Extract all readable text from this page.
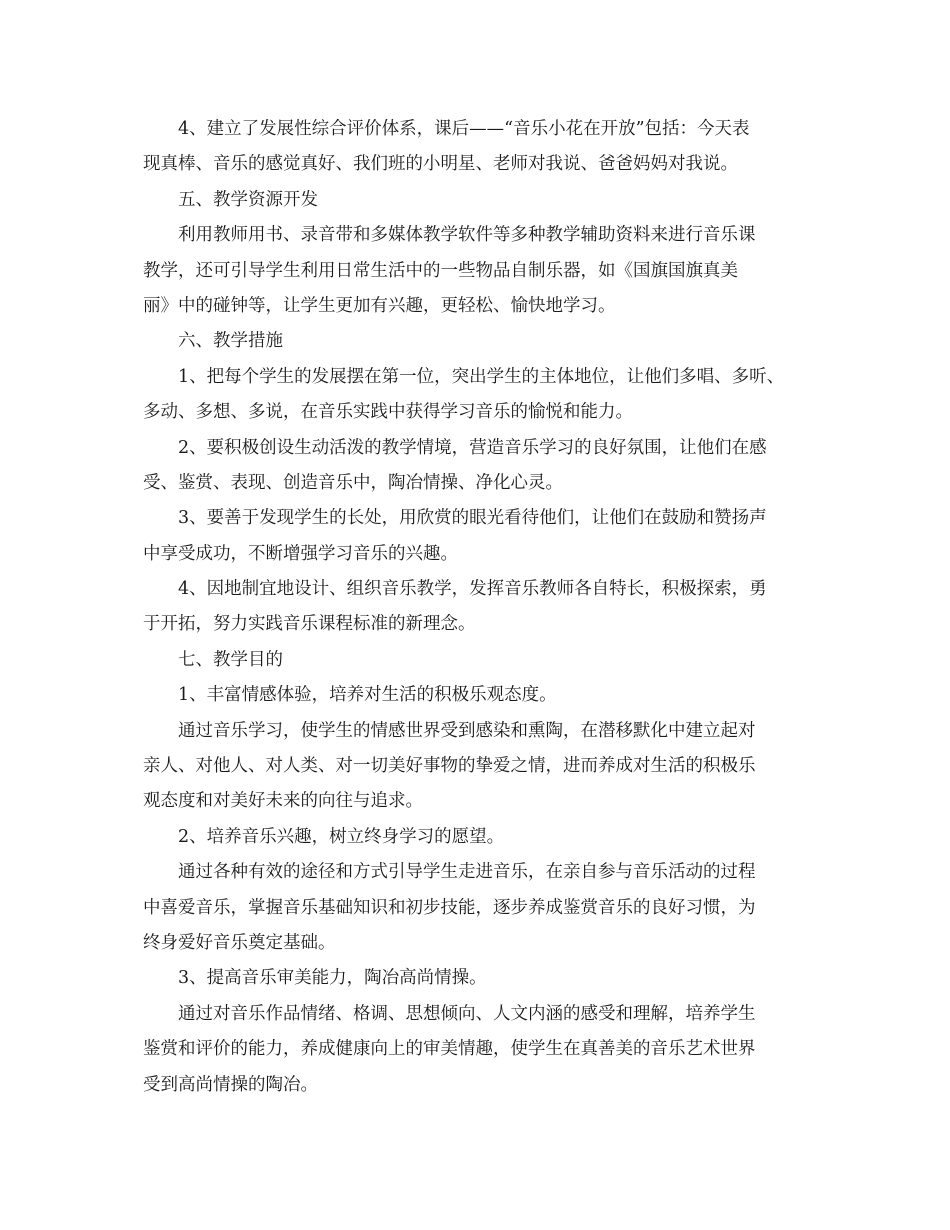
4、建立了发展性综合评价体系，课后——“音乐小花在开放”包括：今天表
现真棒、音乐的感觉真好、我们班的小明星、老师对我说、爸爸妈妈对我说。
五、教学资源开发
利用教师用书、录音带和多媒体教学软件等多种教学辅助资料来进行音乐课
教学，还可引导学生利用日常生活中的一些物品自制乐器，如《国旗国旗真美
丽》中的碰钟等，让学生更加有兴趣，更轻松、愉快地学习。
六、教学措施
1、把每个学生的发展摆在第一位，突出学生的主体地位，让他们多唱、多听、
多动、多想、多说，在音乐实践中获得学习音乐的愉悦和能力。
2、要积极创设生动活泼的教学情境，营造音乐学习的良好氛围，让他们在感
受、鉴赏、表现、创造音乐中，陶冶情操、净化心灵。
3、要善于发现学生的长处，用欣赏的眼光看待他们，让他们在鼓励和赞扬声
中享受成功，不断增强学习音乐的兴趣。
4、因地制宜地设计、组织音乐教学，发挥音乐教师各自特长，积极探索，勇
于开拓，努力实践音乐课程标准的新理念。
七、教学目的
1、丰富情感体验，培养对生活的积极乐观态度。
通过音乐学习，使学生的情感世界受到感染和熏陶，在潜移默化中建立起对
亲人、对他人、对人类、对一切美好事物的挚爱之情，进而养成对生活的积极乐
观态度和对美好未来的向往与追求。
2、培养音乐兴趣，树立终身学习的愿望。
通过各种有效的途径和方式引导学生走进音乐，在亲自参与音乐活动的过程
中喜爱音乐，掌握音乐基础知识和初步技能，逐步养成鉴赏音乐的良好习惯，为
终身爱好音乐奠定基础。
3、提高音乐审美能力，陶冶高尚情操。
通过对音乐作品情绪、格调、思想倾向、人文内涵的感受和理解，培养学生
鉴赏和评价的能力，养成健康向上的审美情趣，使学生在真善美的音乐艺术世界
受到高尚情操的陶冶。
